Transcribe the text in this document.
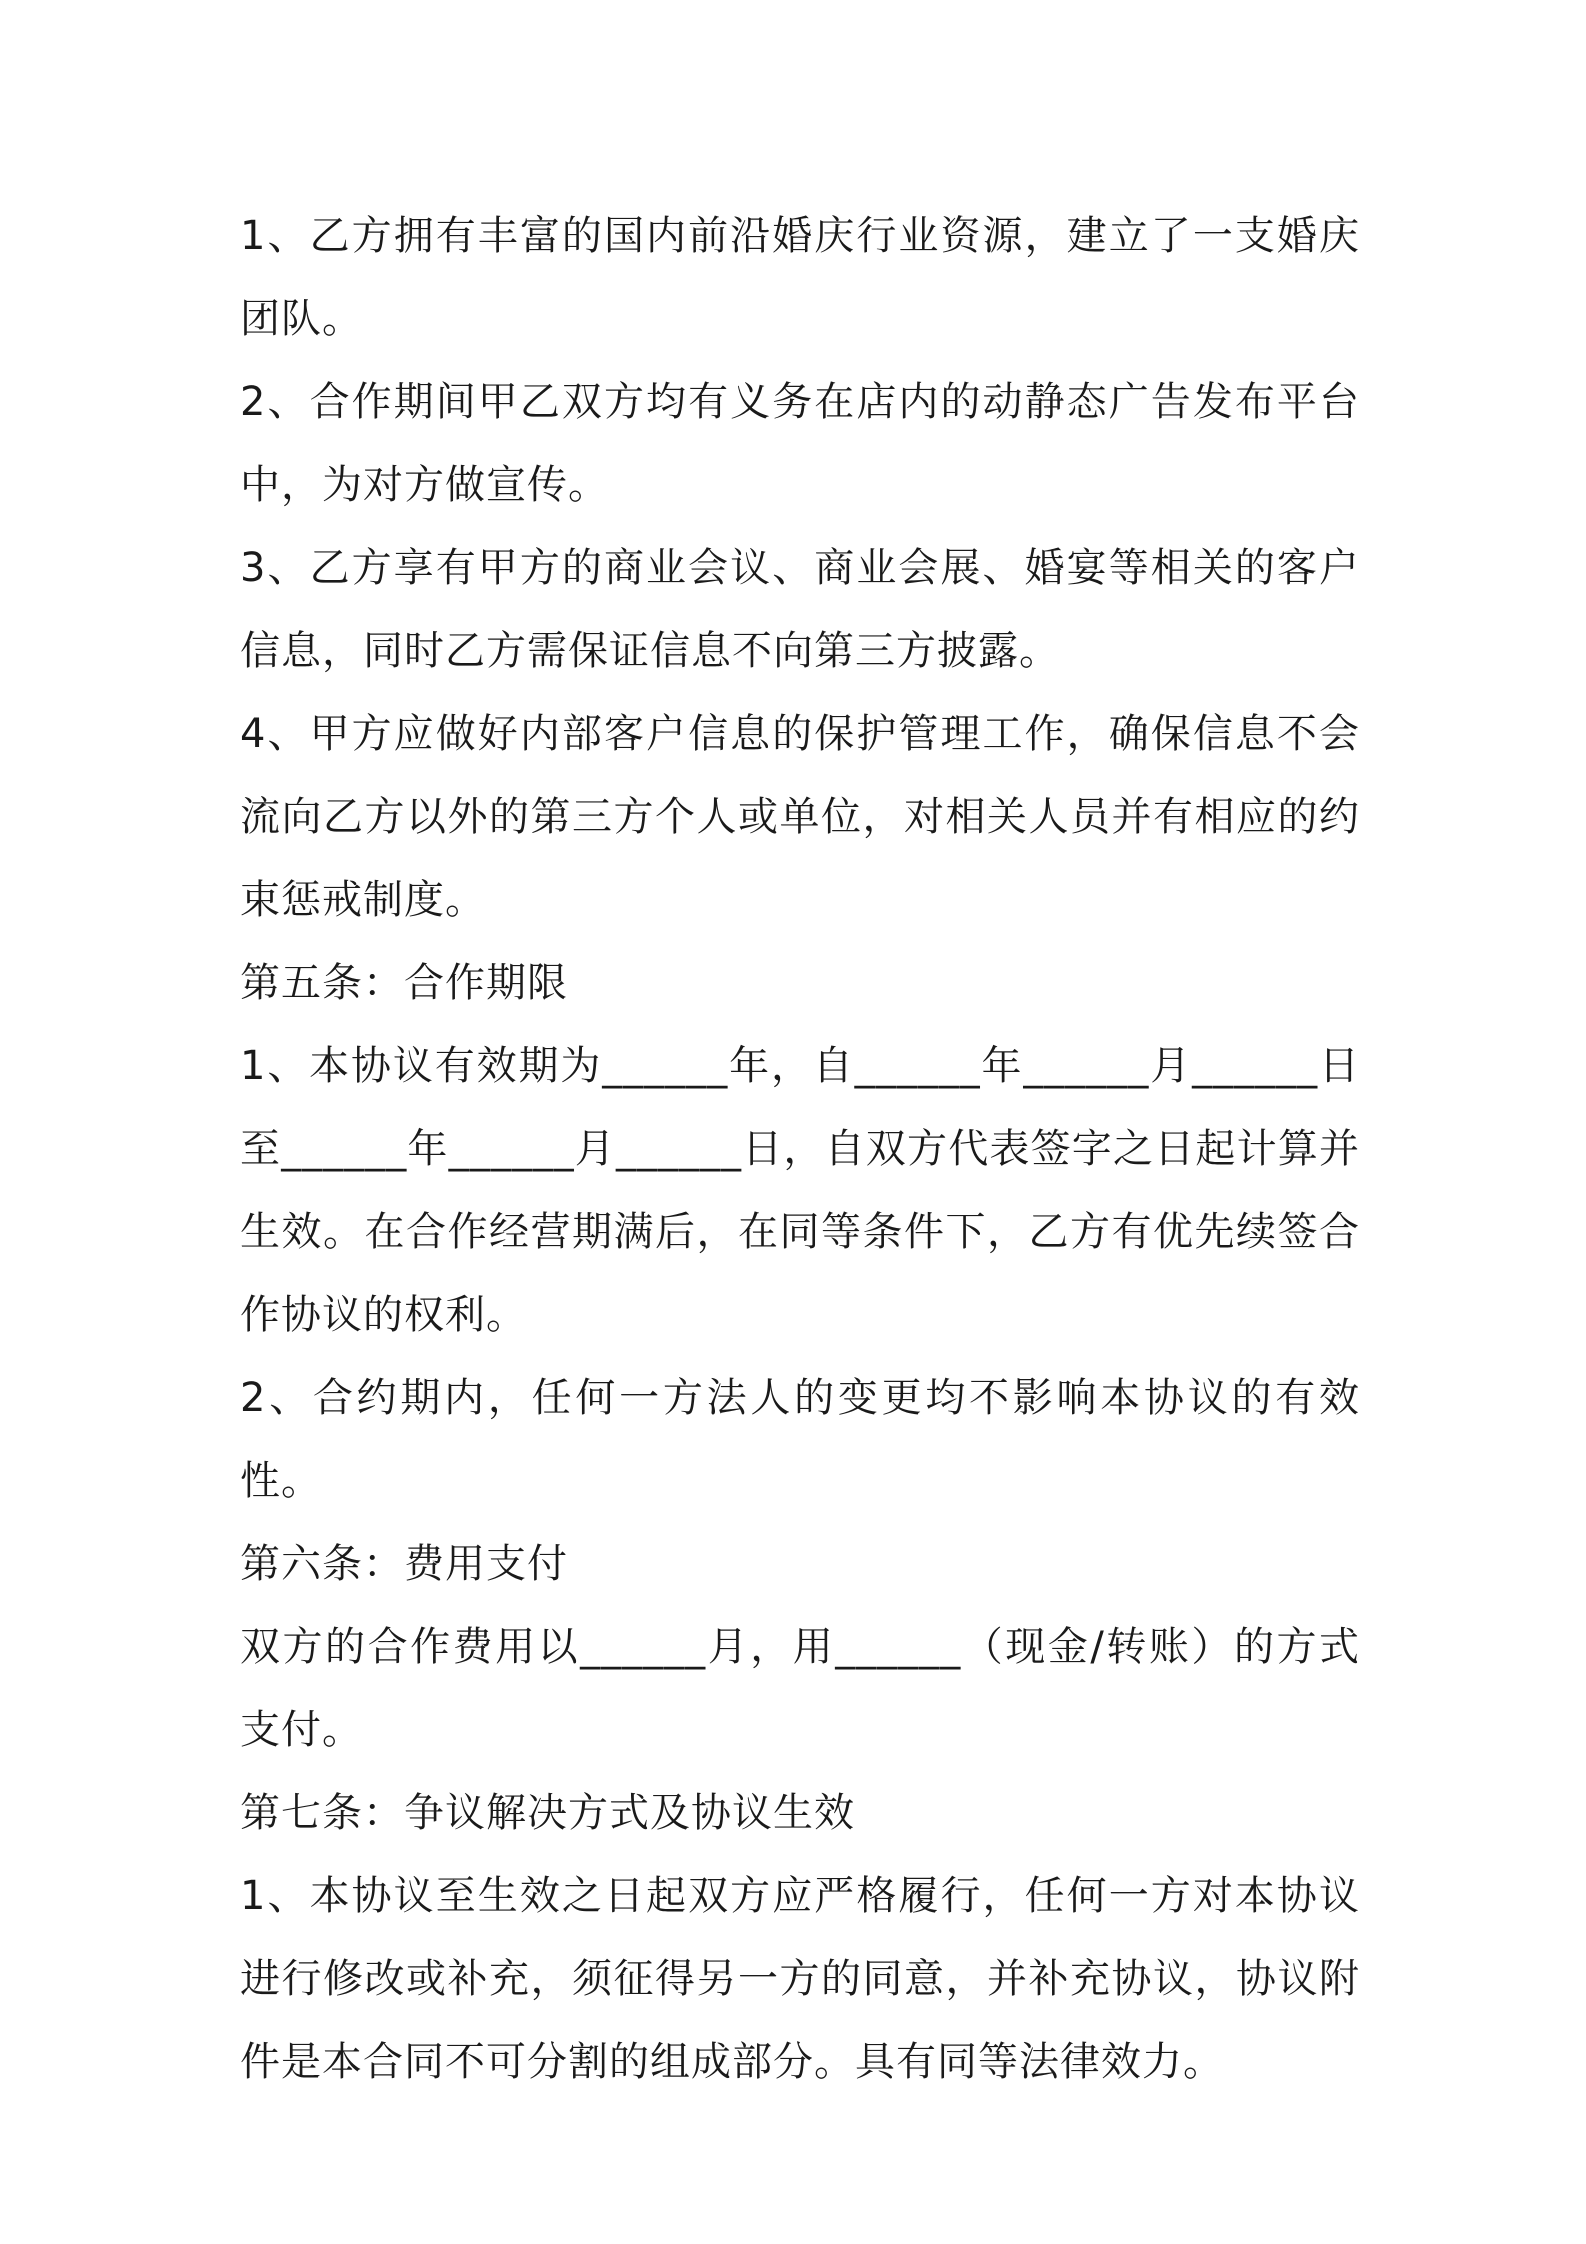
1、乙方拥有丰富的国内前沿婚庆行业资源，建立了一支婚庆团队。

2、合作期间甲乙双方均有义务在店内的动静态广告发布平台中，为对方做宣传。

3、乙方享有甲方的商业会议、商业会展、婚宴等相关的客户信息，同时乙方需保证信息不向第三方披露。

4、甲方应做好内部客户信息的保护管理工作，确保信息不会流向乙方以外的第三方个人或单位，对相关人员并有相应的约束惩戒制度。

第五条：合作期限

1、本协议有效期为______年，自______年______月______日至______年______月______日，自双方代表签字之日起计算并生效。在合作经营期满后，在同等条件下，乙方有优先续签合作协议的权利。

2、合约期内，任何一方法人的变更均不影响本协议的有效性。

第六条：费用支付

双方的合作费用以______月，用______（现金/转账）的方式支付。

第七条：争议解决方式及协议生效

1、本协议至生效之日起双方应严格履行，任何一方对本协议进行修改或补充，须征得另一方的同意，并补充协议，协议附件是本合同不可分割的组成部分。具有同等法律效力。
